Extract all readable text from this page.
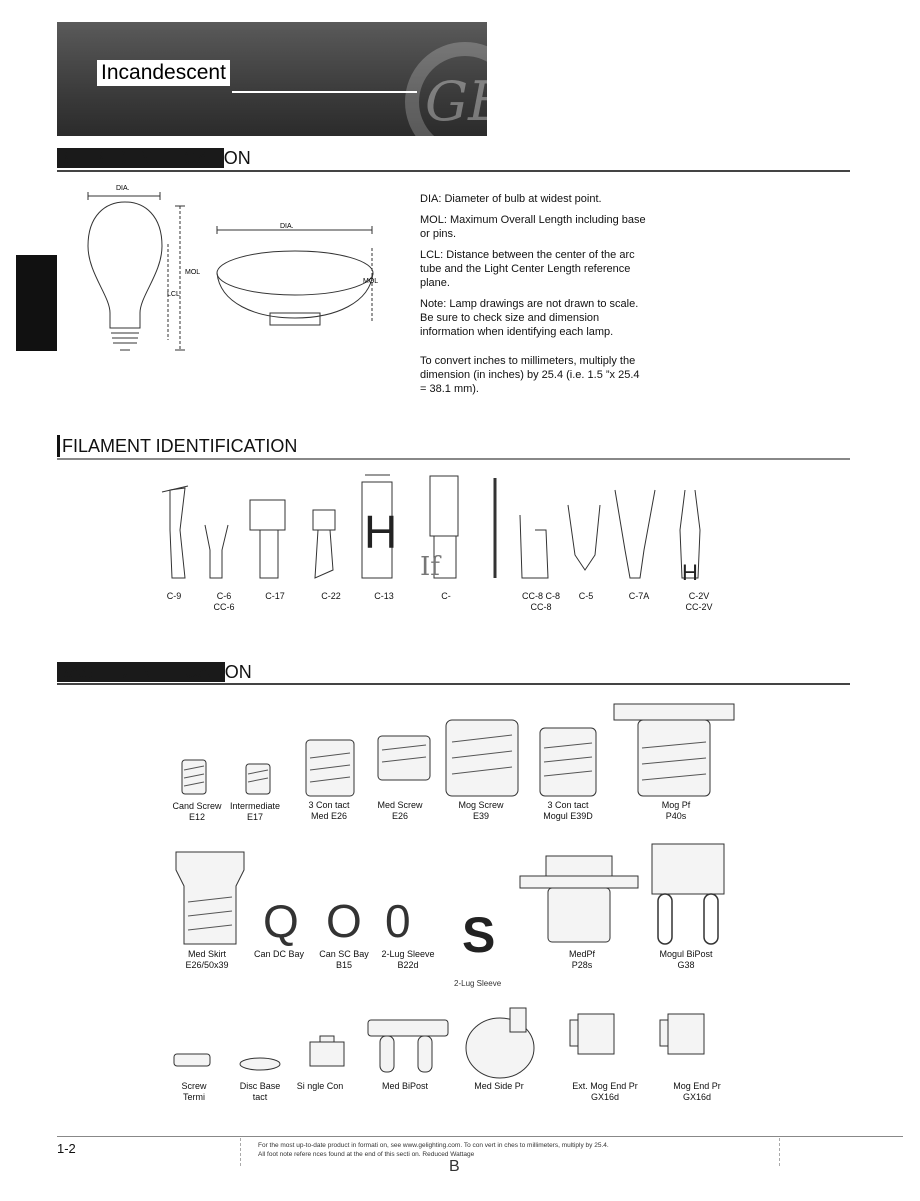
GE
Incandescent
BULB IDENTIFICATION
DIA.
MOL
LCL
DIA.
MOL

DIA: Diameter of bulb at widest point.

MOL: Maximum Overall Length including base or pins.

LCL: Distance between the center of the arc tube and the Light Center Length reference plane.

Note: Lamp drawings are not drawn to scale. Be sure to check size and dimension information when identifying each lamp.

To convert inches to millimeters, multiply the dimension (in inches) by 25.4 (i.e. 1.5 ”x 25.4 = 38.1 mm).

FILAMENT IDENTIFICATION
H
If	H
C-9	C-6
CC-6
C-17	C-22	C-13	C-	CC-8 C-8
CC-8
C-5	C-7A	C-2V
CC-2V
BASE IDENTIFICATION
Cand Screw
E12
Intermediate
E17
3 Con tact
Med E26
Med Screw
E26
Mog Screw
E39
3 Con tact
Mogul E39D
Mog Pf
P40s
Q O 0 S
2-Lug Sleeve
Med Skirt
E26/50x39
Can DC Bay	Can SC Bay
B15
2-Lug Sleeve
B22d
MedPf
P28s
Mogul BiPost
G38
Screw
Termi
Disc Base
tact
Si ngle Con	Med BiPost	Med Side Pr	Ext. Mog End Pr
GX16d
Mog End Pr
GX16d
1-2	For the most up-to-date product in formati on, see www.gelighting.com. To con vert in ches to millimeters, multiply by 25.4.
All foot note refere nces found at the end of this secti on. Reduced Wattage
B
